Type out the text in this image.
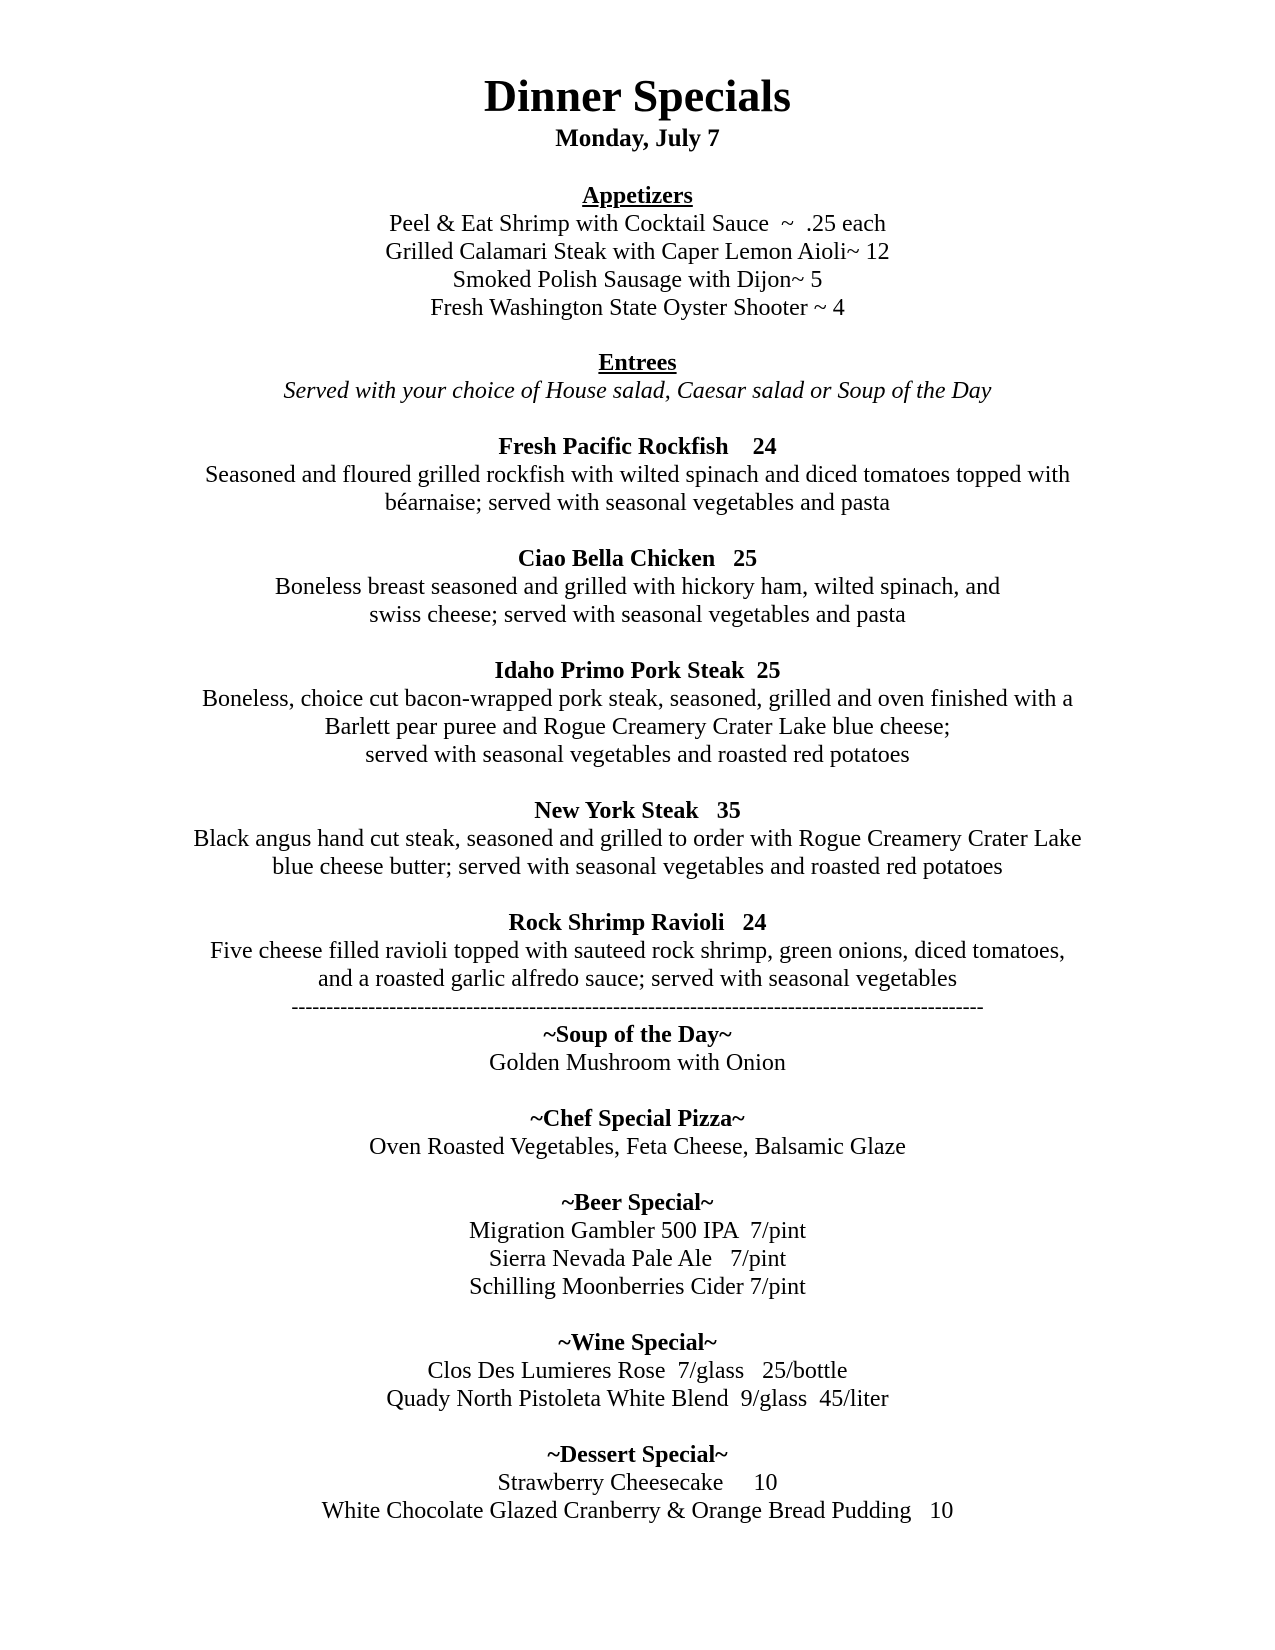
Dinner Specials
Monday, July 7
Appetizers
Peel & Eat Shrimp with Cocktail Sauce  ~  .25 each
Grilled Calamari Steak with Caper Lemon Aioli~ 12
Smoked Polish Sausage with Dijon~ 5
Fresh Washington State Oyster Shooter ~ 4
Entrees
Served with your choice of House salad, Caesar salad or Soup of the Day
Fresh Pacific Rockfish    24
Seasoned and floured grilled rockfish with wilted spinach and diced tomatoes topped with
béarnaise; served with seasonal vegetables and pasta
Ciao Bella Chicken   25
Boneless breast seasoned and grilled with hickory ham, wilted spinach, and
swiss cheese; served with seasonal vegetables and pasta
Idaho Primo Pork Steak  25
Boneless, choice cut bacon-wrapped pork steak, seasoned, grilled and oven finished with a
Barlett pear puree and Rogue Creamery Crater Lake blue cheese;
served with seasonal vegetables and roasted red potatoes
New York Steak   35
Black angus hand cut steak, seasoned and grilled to order with Rogue Creamery Crater Lake
blue cheese butter; served with seasonal vegetables and roasted red potatoes
Rock Shrimp Ravioli   24
Five cheese filled ravioli topped with sauteed rock shrimp, green onions, diced tomatoes,
and a roasted garlic alfredo sauce; served with seasonal vegetables
---------------------------------------------------------------------------------------------------
~Soup of the Day~
Golden Mushroom with Onion
~Chef Special Pizza~
Oven Roasted Vegetables, Feta Cheese, Balsamic Glaze
~Beer Special~
Migration Gambler 500 IPA  7/pint
Sierra Nevada Pale Ale   7/pint
Schilling Moonberries Cider 7/pint
~Wine Special~
Clos Des Lumieres Rose  7/glass   25/bottle
Quady North Pistoleta White Blend  9/glass  45/liter
~Dessert Special~
Strawberry Cheesecake     10
White Chocolate Glazed Cranberry & Orange Bread Pudding   10
